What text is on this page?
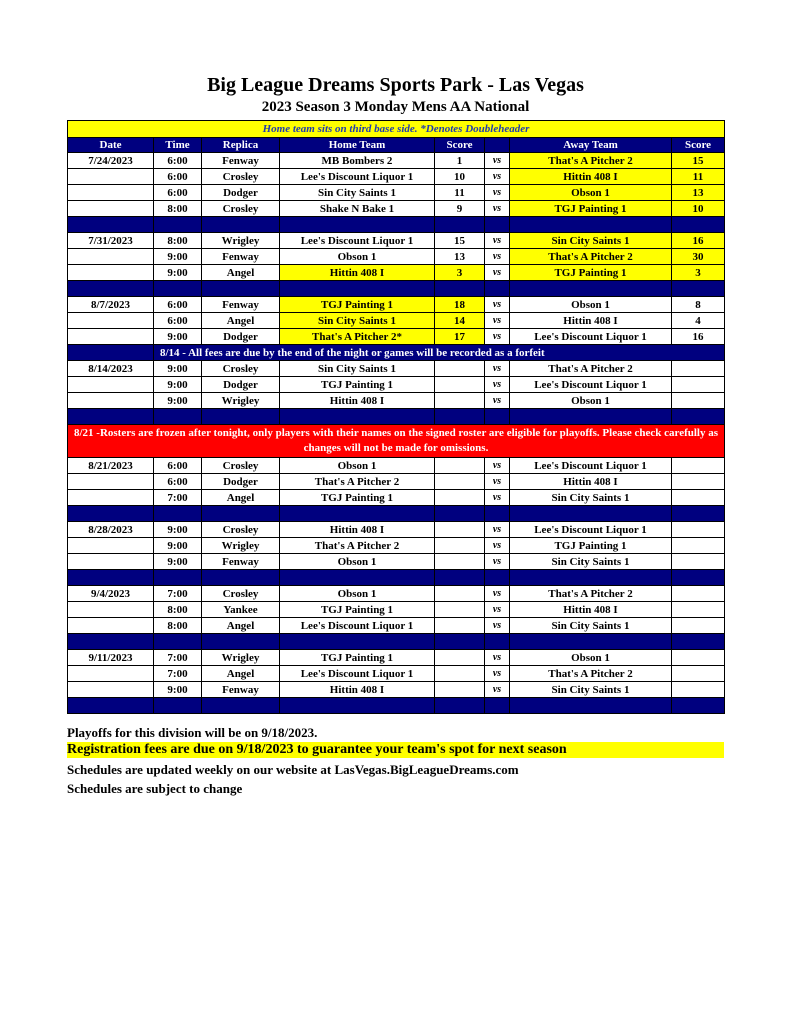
Big League Dreams Sports Park - Las Vegas
2023 Season 3 Monday Mens AA National
Home team sits on third base side. *Denotes Doubleheader							
Date	Time	Replica	Home Team	Score		Away Team	Score
7/24/2023	6:00	Fenway	MB Bombers 2	1	vs	That's A Pitcher 2	15
	6:00	Crosley	Lee's Discount Liquor 1	10	vs	Hittin 408 I	11
	6:00	Dodger	Sin City Saints 1	11	vs	Obson 1	13
	8:00	Crosley	Shake N Bake 1	9	vs	TGJ Painting 1	10

7/31/2023	8:00	Wrigley	Lee's Discount Liquor 1	15	vs	Sin City Saints 1	16
	9:00	Fenway	Obson 1	13	vs	That's A Pitcher 2	30
	9:00	Angel	Hittin 408 I	3	vs	TGJ Painting 1	3

8/7/2023	6:00	Fenway	TGJ Painting 1	18	vs	Obson 1	8
	6:00	Angel	Sin City Saints 1	14	vs	Hittin 408 I	4
	9:00	Dodger	That's A Pitcher 2*	17	vs	Lee's Discount Liquor 1	16
	8/14 - All fees are due by the end of the night or games will be recorded as a forfeit						
8/14/2023	9:00	Crosley	Sin City Saints 1		vs	That's A Pitcher 2	
	9:00	Dodger	TGJ Painting 1		vs	Lee's Discount Liquor 1	
	9:00	Wrigley	Hittin 408 I		vs	Obson 1	

8/21 -Rosters are frozen after tonight, only players with their names on the signed roster are eligible for playoffs. Please check carefully as changes will not be made for omissions.							
8/21/2023	6:00	Crosley	Obson 1		vs	Lee's Discount Liquor 1	
	6:00	Dodger	That's A Pitcher 2		vs	Hittin 408 I	
	7:00	Angel	TGJ Painting 1		vs	Sin City Saints 1	

8/28/2023	9:00	Crosley	Hittin 408 I		vs	Lee's Discount Liquor 1	
	9:00	Wrigley	That's A Pitcher 2		vs	TGJ Painting 1	
	9:00	Fenway	Obson 1		vs	Sin City Saints 1	

9/4/2023	7:00	Crosley	Obson 1		vs	That's A Pitcher 2	
	8:00	Yankee	TGJ Painting 1		vs	Hittin 408 I	
	8:00	Angel	Lee's Discount Liquor 1		vs	Sin City Saints 1	

9/11/2023	7:00	Wrigley	TGJ Painting 1		vs	Obson 1	
	7:00	Angel	Lee's Discount Liquor 1		vs	That's A Pitcher 2	
	9:00	Fenway	Hittin 408 I		vs	Sin City Saints 1	

Playoffs for this division will be on 9/18/2023.
Registration fees are due on 9/18/2023 to guarantee your team's spot for next season
Schedules are updated weekly on our website at LasVegas.BigLeagueDreams.com
Schedules are subject to change
